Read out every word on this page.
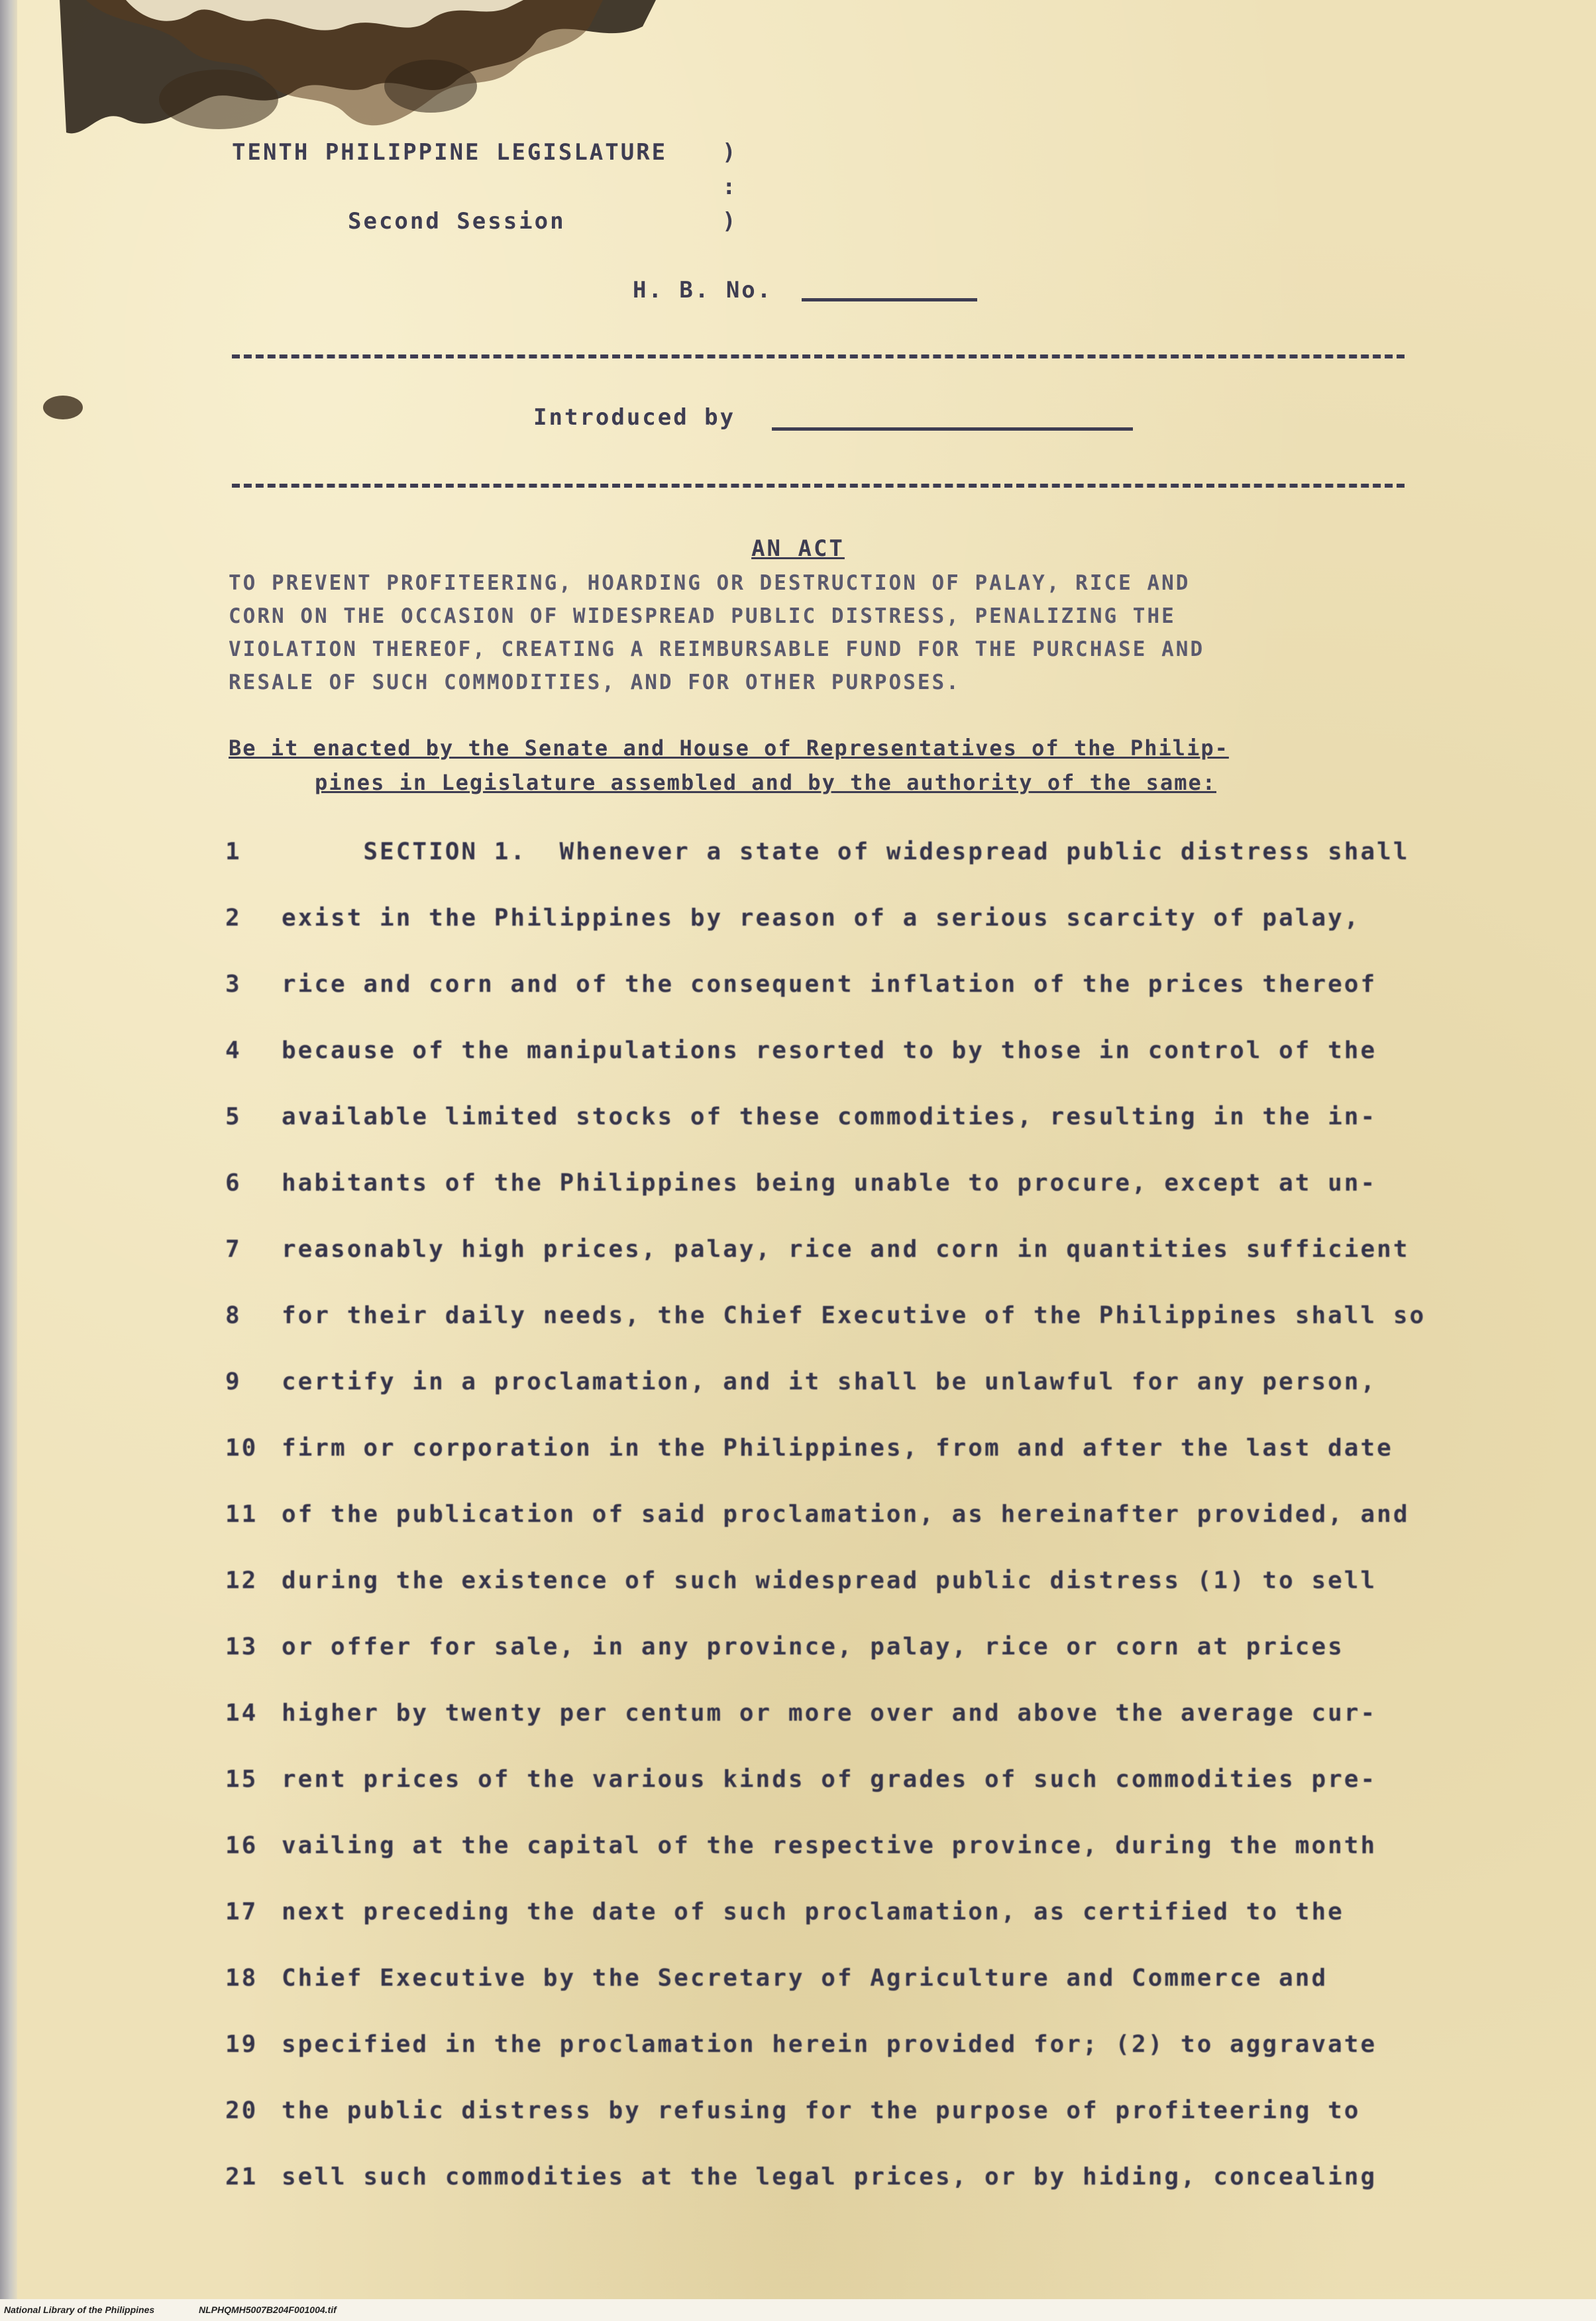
TENTH PHILIPPINE LEGISLATURE )
:
Second Session	)
H. B. No.
Introduced by
AN ACT
TO PREVENT PROFITEERING, HOARDING OR DESTRUCTION OF PALAY, RICE AND
CORN ON THE OCCASION OF WIDESPREAD PUBLIC DISTRESS, PENALIZING THE
VIOLATION THEREOF, CREATING A REIMBURSABLE FUND FOR THE PURCHASE AND
RESALE OF SUCH COMMODITIES, AND FOR OTHER PURPOSES.
Be it enacted by the Senate and House of Representatives of the Philip-
pines in Legislature assembled and by the authority of the same:
1 SECTION 1.  Whenever a state of widespread public distress shall
2 exist in the Philippines by reason of a serious scarcity of palay,
3 rice and corn and of the consequent inflation of the prices thereof
4 because of the manipulations resorted to by those in control of the
5 available limited stocks of these commodities, resulting in the in-
6 habitants of the Philippines being unable to procure, except at un-
7 reasonably high prices, palay, rice and corn in quantities sufficient
8 for their daily needs, the Chief Executive of the Philippines shall so
9 certify in a proclamation, and it shall be unlawful for any person,
10 firm or corporation in the Philippines, from and after the last date
11 of the publication of said proclamation, as hereinafter provided, and
12 during the existence of such widespread public distress (1) to sell
13 or offer for sale, in any province, palay, rice or corn at prices
14 higher by twenty per centum or more over and above the average cur-
15 rent prices of the various kinds of grades of such commodities pre-
16 vailing at the capital of the respective province, during the month
17 next preceding the date of such proclamation, as certified to the
18 Chief Executive by the Secretary of Agriculture and Commerce and
19 specified in the proclamation herein provided for; (2) to aggravate
20 the public distress by refusing for the purpose of profiteering to
21 sell such commodities at the legal prices, or by hiding, concealing
National Library of the Philippines	NLPHQMH5007B204F001004.tif
